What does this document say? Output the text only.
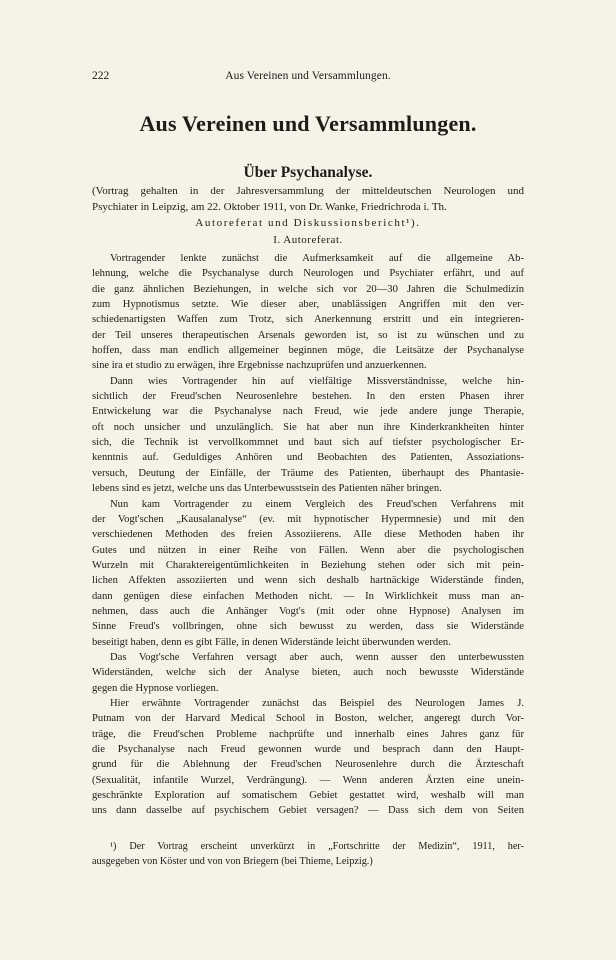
222	Aus Vereinen und Versammlungen.
Aus Vereinen und Versammlungen.
Über Psychanalyse.
(Vortrag gehalten in der Jahresversammlung der mitteldeutschen Neurologen und
Psychiater in Leipzig, am 22. Oktober 1911, von Dr. Wanke, Friedrichroda i. Th.
Autoreferat und Diskussionsbericht¹).
I. Autoreferat.
Vortragender lenkte zunächst die Aufmerksamkeit auf die allgemeine Ab-
lehnung, welche die Psychanalyse durch Neurologen und Psychiater erfährt, und auf
die ganz ähnlichen Beziehungen, in welche sich vor 20—30 Jahren die Schulmedizin
zum Hypnotismus setzte. Wie dieser aber, unablässigen Angriffen mit den ver-
schiedenartigsten Waffen zum Trotz, sich Anerkennung erstritt und ein integrieren-
der Teil unseres therapeutischen Arsenals geworden ist, so ist zu wünschen und zu
hoffen, dass man endlich allgemeiner beginnen möge, die Leitsätze der Psychanalyse
sine ira et studio zu erwägen, ihre Ergebnisse nachzuprüfen und anzuerkennen.
Dann wies Vortragender hin auf vielfältige Missverständnisse, welche hin-
sichtlich der Freud'schen Neurosenlehre bestehen. In den ersten Phasen ihrer
Entwickelung war die Psychanalyse nach Freud, wie jede andere junge Therapie,
oft noch unsicher und unzulänglich. Sie hat aber nun ihre Kinderkrankheiten hinter
sich, die Technik ist vervollkommnet und baut sich auf tiefster psychologischer Er-
kenntnis auf. Geduldiges Anhören und Beobachten des Patienten, Assoziations-
versuch, Deutung der Einfälle, der Träume des Patienten, überhaupt des Phantasie-
lebens sind es jetzt, welche uns das Unterbewusstsein des Patienten näher bringen.
Nun kam Vortragender zu einem Vergleich des Freud'schen Verfahrens mit
der Vogt'schen „Kausalanalyse“ (ev. mit hypnotischer Hypermnesie) und mit den
verschiedenen Methoden des freien Assoziierens. Alle diese Methoden haben ihr
Gutes und nützen in einer Reihe von Fällen. Wenn aber die psychologischen
Wurzeln mit Charaktereigentümlichkeiten in Beziehung stehen oder sich mit pein-
lichen Affekten assoziierten und wenn sich deshalb hartnäckige Widerstände finden,
dann genügen diese einfachen Methoden nicht. — In Wirklichkeit muss man an-
nehmen, dass auch die Anhänger Vogt's (mit oder ohne Hypnose) Analysen im
Sinne Freud's vollbringen, ohne sich bewusst zu werden, dass sie Widerstände
beseitigt haben, denn es gibt Fälle, in denen Widerstände leicht überwunden werden.
Das Vogt'sche Verfahren versagt aber auch, wenn ausser den unterbewussten
Widerständen, welche sich der Analyse bieten, auch noch bewusste Widerstände
gegen die Hypnose vorliegen.
Hier erwähnte Vortragender zunächst das Beispiel des Neurologen James J.
Putnam von der Harvard Medical School in Boston, welcher, angeregt durch Vor-
träge, die Freud'schen Probleme nachprüfte und innerhalb eines Jahres ganz für
die Psychanalyse nach Freud gewonnen wurde und besprach dann den Haupt-
grund für die Ablehnung der Freud'schen Neurosenlehre durch die Ärzteschaft
(Sexualität, infantile Wurzel, Verdrängung). — Wenn anderen Ärzten eine unein-
geschränkte Exploration auf somatischem Gebiet gestattet wird, weshalb will man
uns dann dasselbe auf psychischem Gebiet versagen? — Dass sich dem von Seiten
¹) Der Vortrag erscheint unverkürzt in „Fortschritte der Medizin“, 1911, her-
ausgegeben von Köster und von von Briegern (bei Thieme, Leipzig.)
